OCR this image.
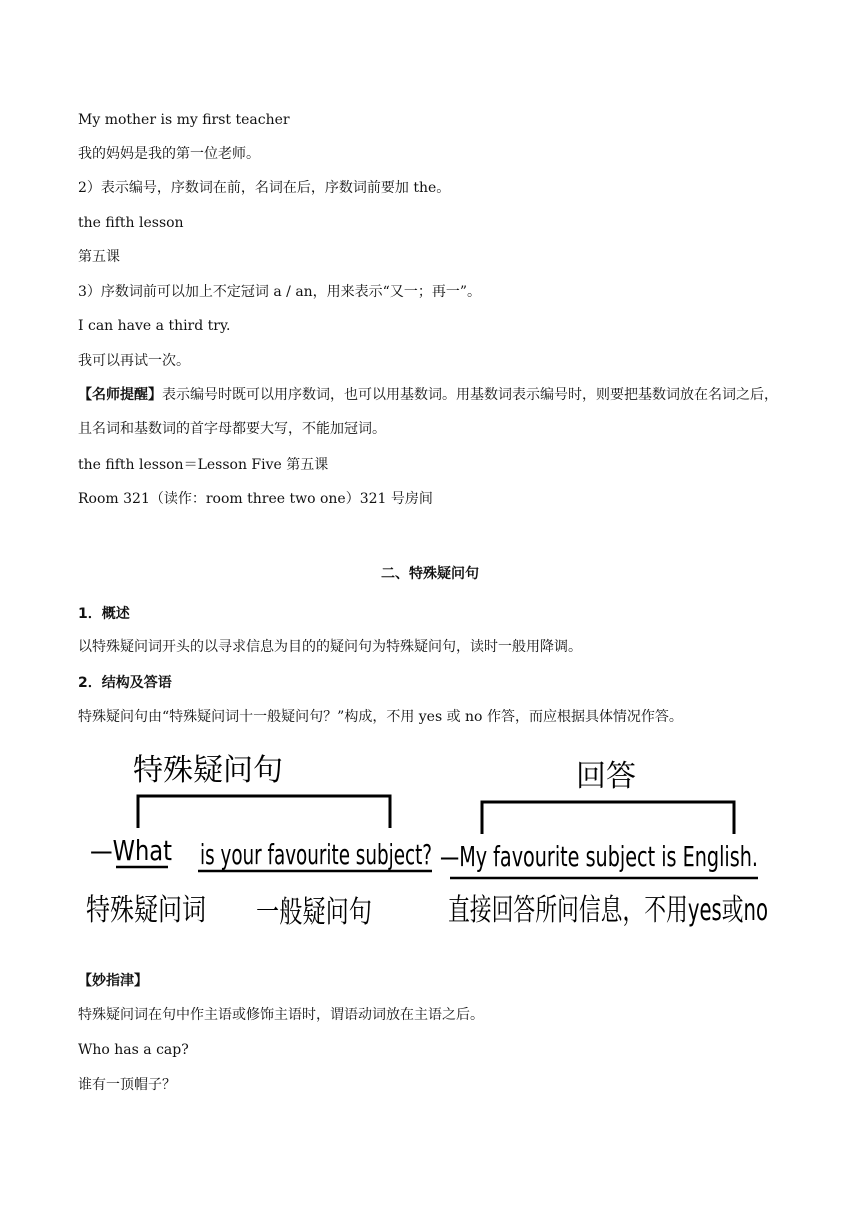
My mother is my first teacher
我的妈妈是我的第一位老师。
2）表示编号，序数词在前，名词在后，序数词前要加 the。
the fifth lesson
第五课
3）序数词前可以加上不定冠词 a / an，用来表示“又一；再一”。
I can have a third try.
我可以再试一次。
【名师提醒】表示编号时既可以用序数词，也可以用基数词。用基数词表示编号时，则要把基数词放在名词之后，且名词和基数词的首字母都要大写，不能加冠词。
the fifth lesson＝Lesson Five 第五课
Room 321（读作：room three two one）321 号房间
二、特殊疑问句
1．概述
以特殊疑问词开头的以寻求信息为目的的疑问句为特殊疑问句，读时一般用降调。
2．结构及答语
特殊疑问句由“特殊疑问词十一般疑问句？”构成，不用 yes 或 no 作答，而应根据具体情况作答。
特殊疑问句	回答
—What is your favourite subject? —My favourite subject is English.
特殊疑问词 一般疑问句	直接回答所问信息，不用yes或no
【妙指津】
特殊疑问词在句中作主语或修饰主语时，谓语动词放在主语之后。
Who has a cap?
谁有一顶帽子？
